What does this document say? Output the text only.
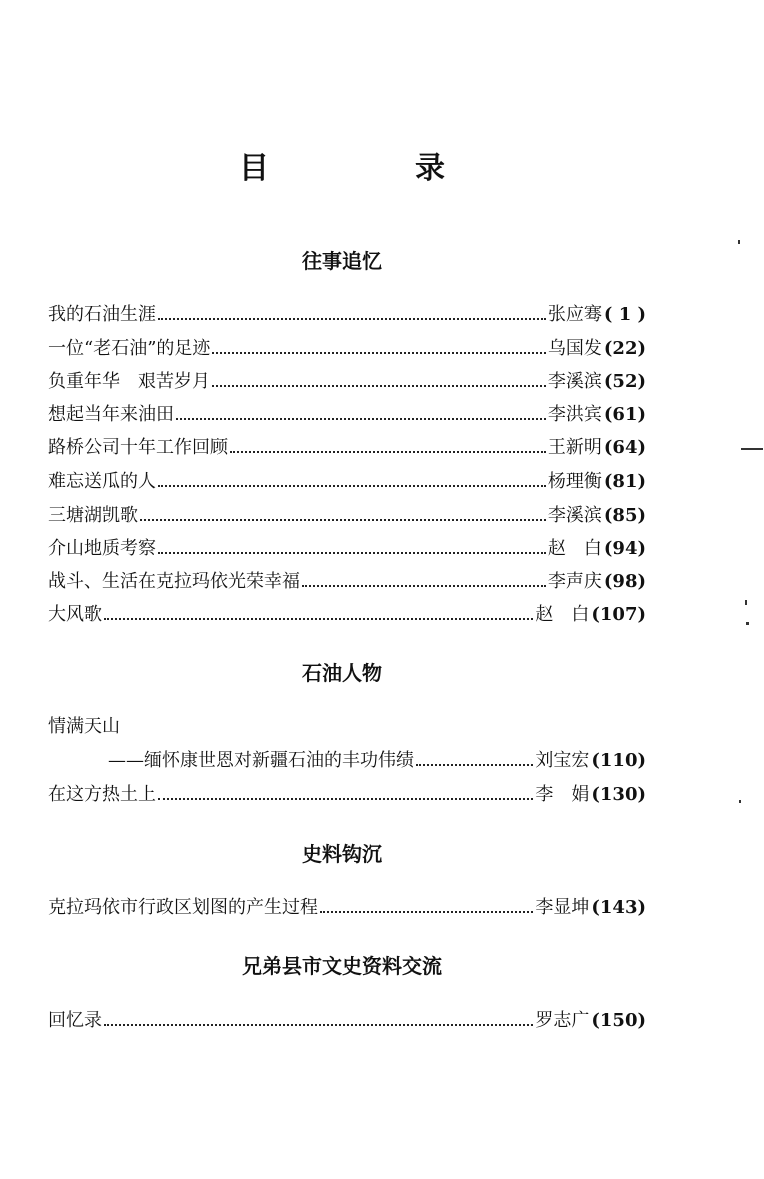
目　录
往事追忆
我的石油生涯	张应骞 ( 1 )
一位“老石油”的足迹	乌国发 (22)
负重年华　艰苦岁月	李溪滨 (52)
想起当年来油田	李洪宾 (61)
路桥公司十年工作回顾	王新明 (64)
难忘送瓜的人	杨理衡 (81)
三塘湖凯歌	李溪滨 (85)
介山地质考察	赵　白 (94)
战斗、生活在克拉玛依光荣幸福	李声庆 (98)
大风歌	赵　白 (107)
石油人物
情满天山
——缅怀康世恩对新疆石油的丰功伟绩	刘宝宏 (110)
在这方热土上	李　娟 (130)
史料钩沉
克拉玛依市行政区划图的产生过程	李显坤 (143)
兄弟县市文史资料交流
回忆录	罗志广 (150)
